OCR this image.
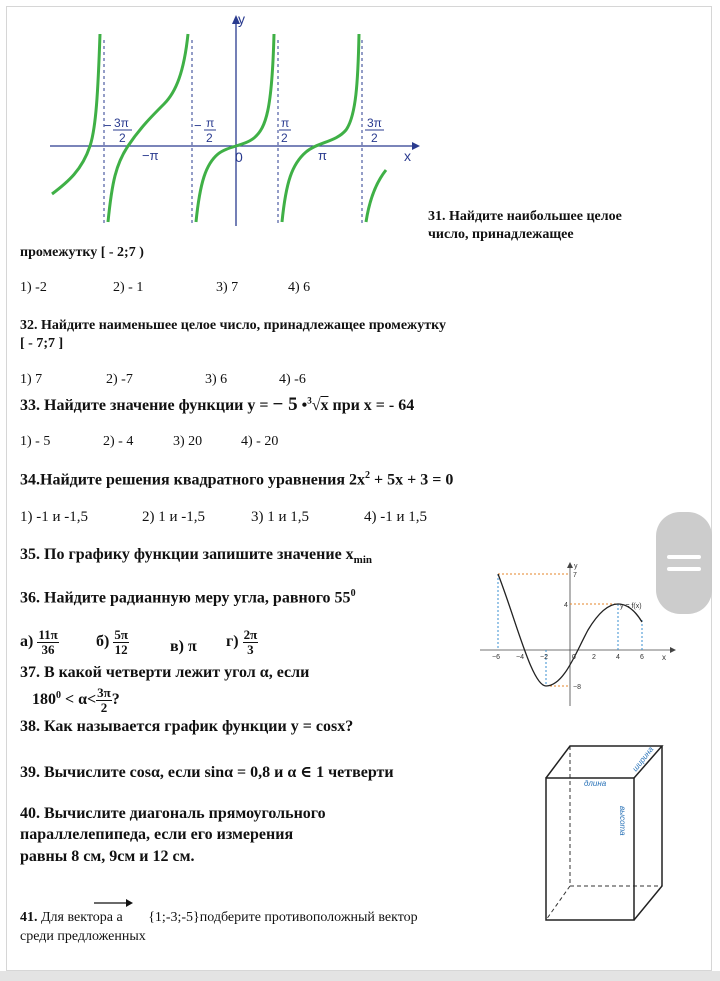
y
x
0
−π	π
− 3π
2
− π
2
π
2
3π
2
31. Найдите наибольшее целое
число, принадлежащее
промежутку [ - 2;7 )
1) -2	2) - 1	3) 7	4) 6
32. Найдите наименьшее целое число, принадлежащее промежутку
[ - 7;7 ]
1) 7	2) -7	3) 6	4) -6
33. Найдите значение функции y = − 5 •$^3$√x при x = - 64
1) - 5	2) - 4	3) 20	4) - 20
34.Найдите решения квадратного уравнения $2x^2 + 5x + 3 = 0$
1) -1 и -1,5	2) 1 и -1,5	3) 1 и 1,5	4) -1 и 1,5
35. По графику функции запишите значение $x_{min}$
36. Найдите радианную меру угла, равного $55^0$
$а) \frac{11\pi}{36} б) \frac{5\pi}{12}$	в) π $г) \frac{2\pi}{3}$
37. В какой четверти лежит угол α, если
$180^0 < \alpha< \frac{3\pi}{2}$ ?
38. Как называется график функции y = cosx?
39. Вычислите cosα, если sinα = 0,8 и α ∈ 1 четверти
40. Вычислите диагональ прямоугольного
параллелепипеда, если его измерения
равны 8 см, 9см и 12 см.
41. Для вектора a {1;-3;-5}подберите противоположный вектор
среди предложенных
y
x
y = f(x)
7
4
−8
−6 −4 −2	0 2	4	6
длина
ширина
высота
